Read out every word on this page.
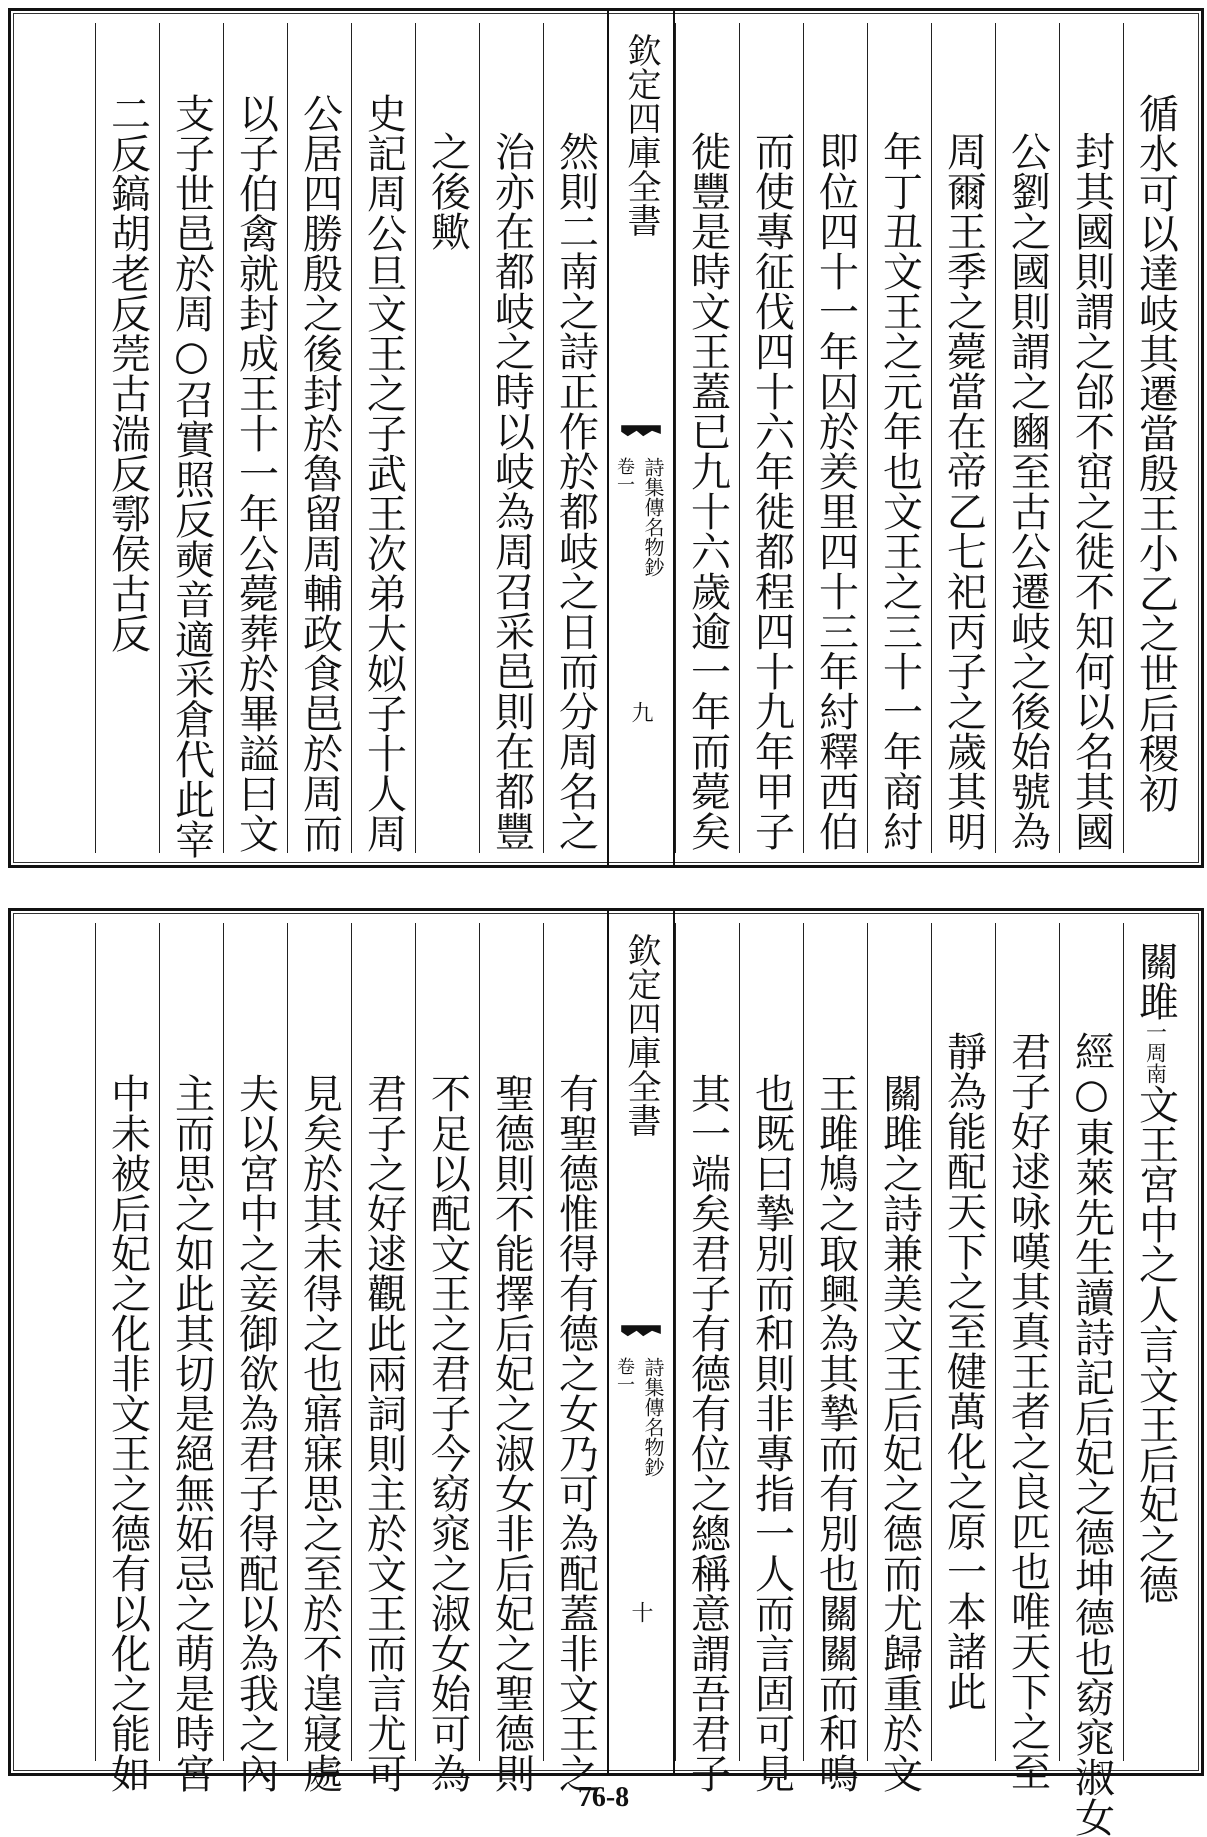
循水可以達岐其遷當殷王小乙之世后稷初
封其國則謂之邰不窋之徙不知何以名其國
公劉之國則謂之豳至古公遷岐之後始號為
周爾王季之薨當在帝乙七祀丙子之歲其明
年丁丑文王之元年也文王之三十一年商紂
即位四十一年囚於羑里四十三年紂釋西伯
而使專征伐四十六年徙都程四十九年甲子
徙豐是時文王蓋已九十六歲逾一年而薨矣
欽定四庫全書
詩集傳名物鈔
卷一
九
然則二南之詩正作於都岐之日而分周名之
治亦在都岐之時以岐為周召采邑則在都豐
之後歟
史記周公旦文王之子武王次弟大姒子十人周
公居四勝殷之後封於魯留周輔政食邑於周而
以子伯禽就封成王十一年公薨葬於畢謚曰文
支子世邑於周○召實照反奭音適采倉代此宰
二反鎬胡老反莞古湍反鄠侯古反
關雎一周南文王宮中之人言文王后妃之德
經○東萊先生讀詩記后妃之德坤德也窈窕淑女
君子好逑咏嘆其真王者之良匹也唯天下之至
靜為能配天下之至健萬化之原一本諸此
關雎之詩兼美文王后妃之德而尤歸重於文
王雎鳩之取興為其摯而有別也關關而和鳴
也既曰摯別而和則非專指一人而言固可見
其一端矣君子有德有位之總稱意謂吾君子
欽定四庫全書
詩集傳名物鈔
卷一
十
有聖德惟得有德之女乃可為配蓋非文王之
聖德則不能擇后妃之淑女非后妃之聖德則
不足以配文王之君子今窈窕之淑女始可為
君子之好逑觀此兩詞則主於文王而言尤可
見矣於其未得之也寤寐思之至於不遑寢處
夫以宮中之妾御欲為君子得配以為我之內
主而思之如此其切是絕無妬忌之萌是時宮
中未被后妃之化非文王之德有以化之能如
76-8
